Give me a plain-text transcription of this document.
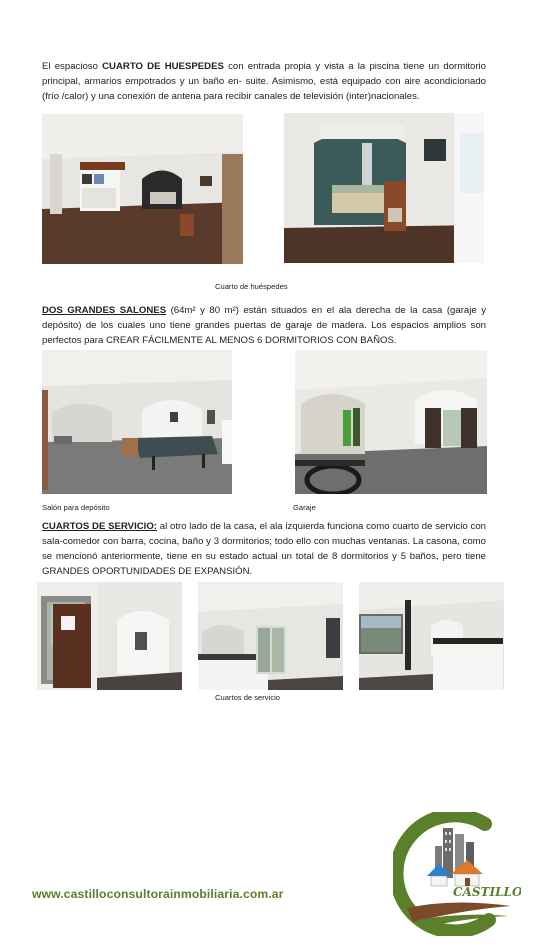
El espacioso CUARTO DE HUESPEDES con entrada propia y vista a la piscina tiene un dormitorio principal, armarios empotrados y un baño en- suite. Asimismo, está equipado con aire acondicionado (frío /calor) y una conexión de antena para recibir canales de televisión (inter)nacionales.
Cuarto de huéspedes
DOS GRANDES SALONES (64m² y 80 m²) están situados en el ala derecha de la casa (garaje y depósito) de los cuales uno tiene grandes puertas de garaje de madera. Los espacios amplios son perfectos para CREAR FÁCILMENTE AL MENOS 6 DORMITORIOS CON BAÑOS.
Salón para depósito	Garaje
CUARTOS DE SERVICIO: al otro lado de la casa, el ala izquierda funciona como cuarto de servicio con sala-comedor con barra, cocina, baño y 3 dormitorios; todo ello con muchas ventanas. La casona, como se mencionó anteriormente, tiene en su estado actual un total de 8 dormitorios y 5 baños, pero tiene GRANDES OPORTUNIDADES DE EXPANSIÓN.
Cuartos de servicio
www.castilloconsultorainmobiliaria.com.ar	CASTILLO
